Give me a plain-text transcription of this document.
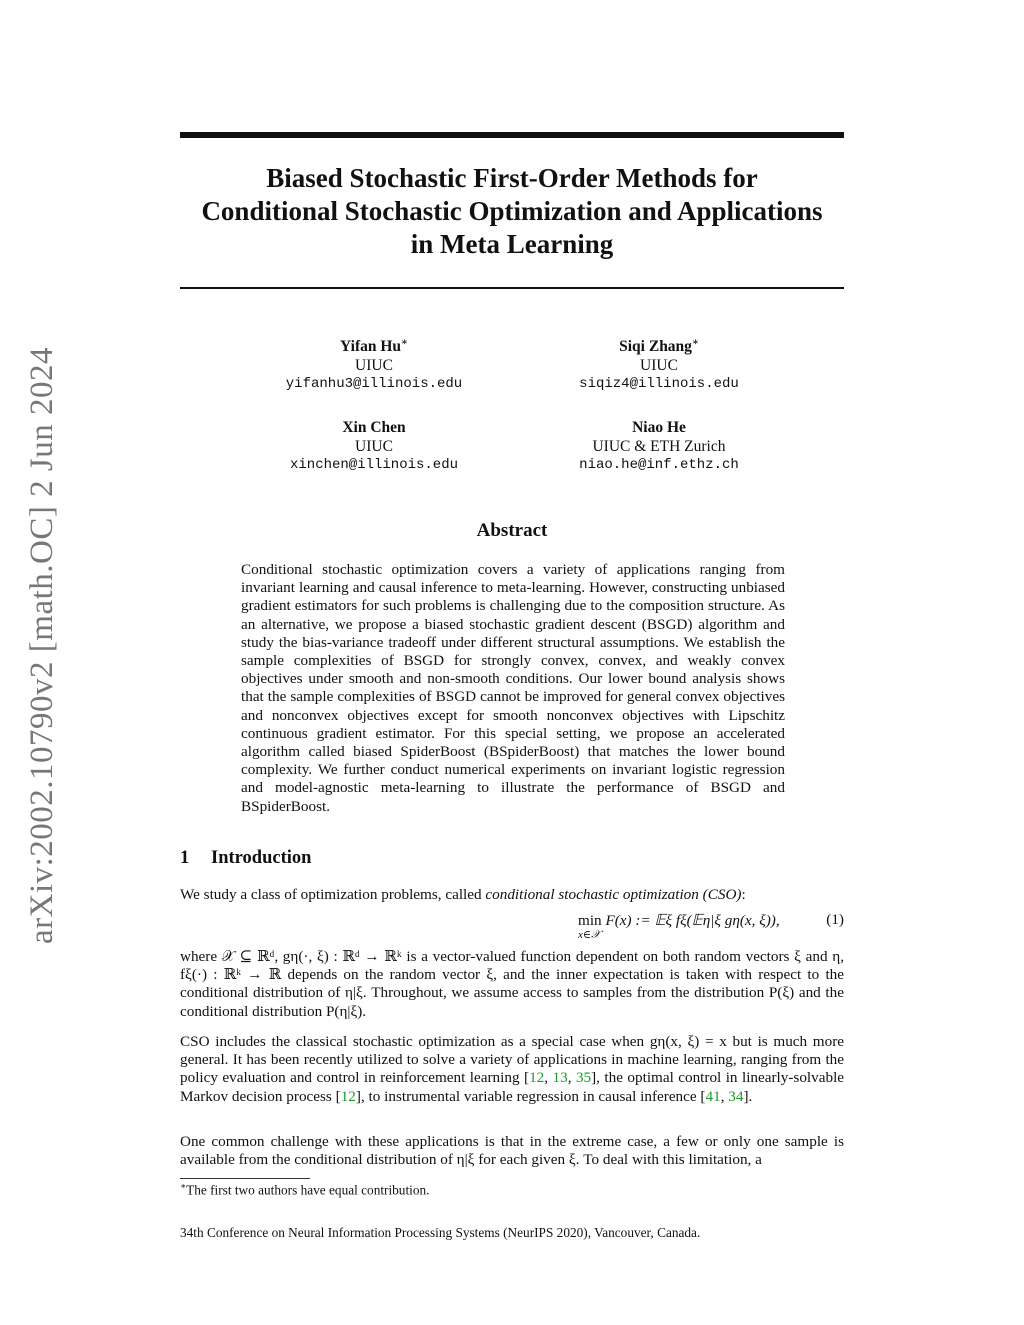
arXiv:2002.10790v2 [math.OC] 2 Jun 2024
Biased Stochastic First-Order Methods for
Conditional Stochastic Optimization and Applications
in Meta Learning
Yifan Hu∗
UIUC
yifanhu3@illinois.edu
Siqi Zhang∗
UIUC
siqiz4@illinois.edu
Xin Chen
UIUC
xinchen@illinois.edu
Niao He
UIUC & ETH Zurich
niao.he@inf.ethz.ch
Abstract
Conditional stochastic optimization covers a variety of applications ranging from invariant learning and causal inference to meta-learning. However, constructing unbiased gradient estimators for such problems is challenging due to the composition structure. As an alternative, we propose a biased stochastic gradient descent (BSGD) algorithm and study the bias-variance tradeoff under different structural assumptions. We establish the sample complexities of BSGD for strongly convex, convex, and weakly convex objectives under smooth and non-smooth conditions. Our lower bound analysis shows that the sample complexities of BSGD cannot be improved for general convex objectives and nonconvex objectives except for smooth nonconvex objectives with Lipschitz continuous gradient estimator. For this special setting, we propose an accelerated algorithm called biased SpiderBoost (BSpiderBoost) that matches the lower bound complexity. We further conduct numerical experiments on invariant logistic regression and model-agnostic meta-learning to illustrate the performance of BSGD and BSpiderBoost.
1 Introduction
We study a class of optimization problems, called conditional stochastic optimization (CSO):
min F(x) := 𝔼ξ fξ(𝔼η|ξ gη(x, ξ)),
x∈𝒳
(1)
where 𝒳 ⊆ ℝᵈ, gη(·, ξ) : ℝᵈ → ℝᵏ is a vector-valued function dependent on both random vectors ξ and η, fξ(·) : ℝᵏ → ℝ depends on the random vector ξ, and the inner expectation is taken with respect to the conditional distribution of η|ξ. Throughout, we assume access to samples from the distribution P(ξ) and the conditional distribution P(η|ξ).
CSO includes the classical stochastic optimization as a special case when gη(x, ξ) = x but is much more general. It has been recently utilized to solve a variety of applications in machine learning, ranging from the policy evaluation and control in reinforcement learning [12, 13, 35], the optimal control in linearly-solvable Markov decision process [12], to instrumental variable regression in causal inference [41, 34].
One common challenge with these applications is that in the extreme case, a few or only one sample is available from the conditional distribution of η|ξ for each given ξ. To deal with this limitation, a
∗The first two authors have equal contribution.
34th Conference on Neural Information Processing Systems (NeurIPS 2020), Vancouver, Canada.
